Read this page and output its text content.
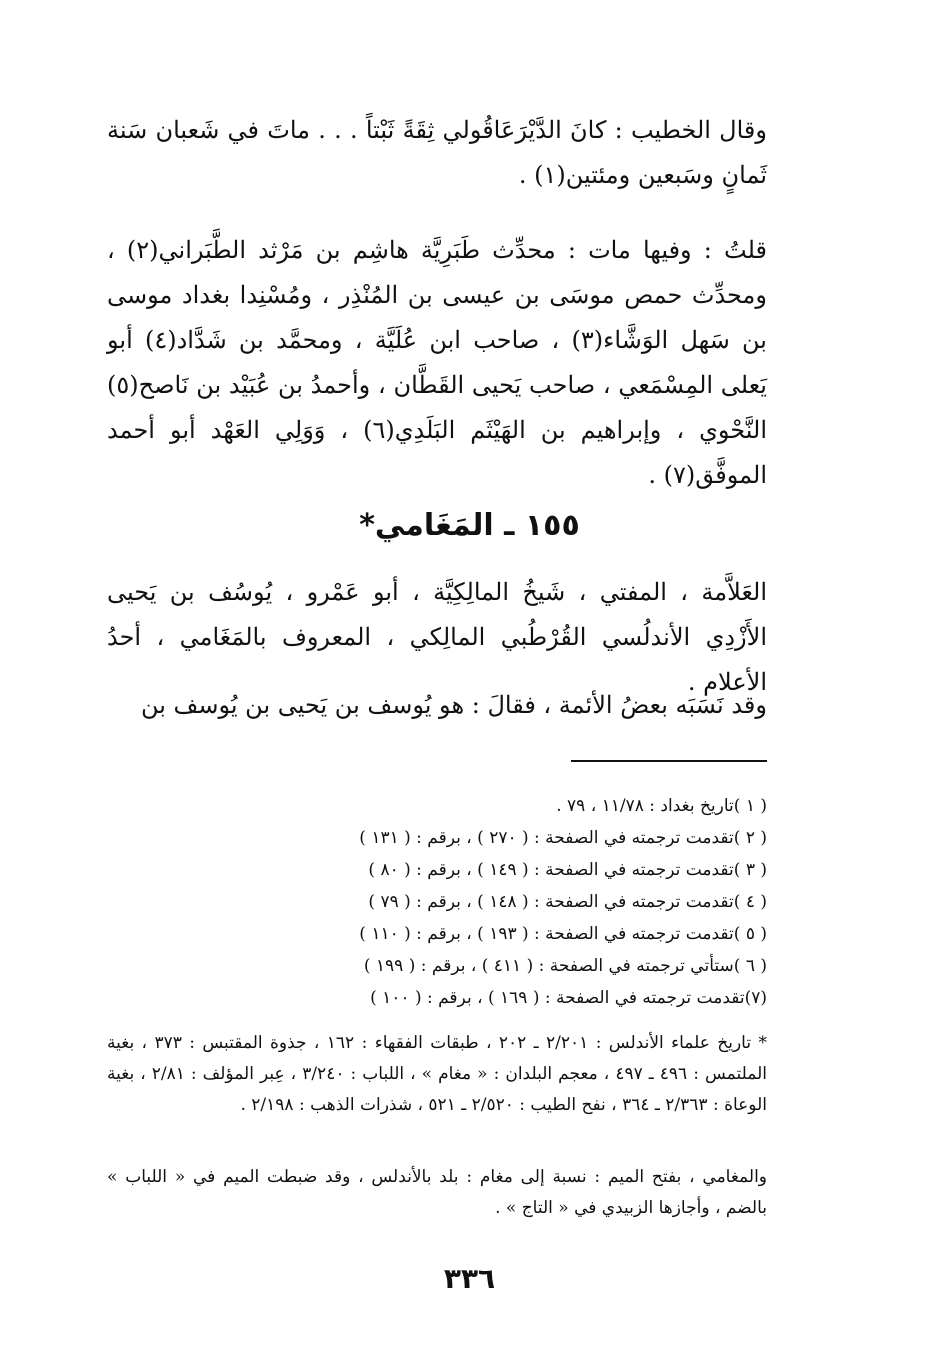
وقال الخطيب : كانَ الدَّيْرَعَاقُولي ثِقَةً ثَبْتاً . . . ماتَ في شَعبان سَنة ثَمانٍ وسَبعين ومئتين(١) .

قلتُ : وفيها مات : محدِّث طَبَرِيَّة هاشِم بن مَرْثد الطَّبَراني(٢) ، ومحدِّث حمص موسَى بن عيسى بن المُنْذِر ، ومُسْنِدا بغداد موسى بن سَهل الوَشَّاء(٣) ، صاحب ابن عُلَيَّة ، ومحمَّد بن شَدَّاد(٤) أبو يَعلى المِسْمَعي ، صاحب يَحيى القَطَّان ، وأحمدُ بن عُبَيْد بن نَاصح(٥) النَّحْوي ، وإبراهيم بن الهَيْثَم البَلَدِي(٦) ، وَوَلِي العَهْد أبو أحمد الموفَّق(٧) .

١٥٥ ـ المَغَامي*

العَلاَّمة ، المفتي ، شَيخُ المالِكِيَّة ، أبو عَمْرو ، يُوسُف بن يَحيى الأَزْدِي الأندلُسي القُرْطُبي المالِكي ، المعروف بالمَغَامي ، أحدُ الأعلام .

وقد نَسَبَه بعضُ الأئمة ، فقالَ : هو يُوسف بن يَحيى بن يُوسف بن

( ١ )تاريخ بغداد : ١١/٧٨ ، ٧٩ .
( ٢ )تقدمت ترجمته في الصفحة : ( ٢٧٠ ) ، برقم : ( ١٣١ )
( ٣ )تقدمت ترجمته في الصفحة : ( ١٤٩ ) ، برقم : ( ٨٠ )
( ٤ )تقدمت ترجمته في الصفحة : ( ١٤٨ ) ، برقم : ( ٧٩ )
( ٥ )تقدمت ترجمته في الصفحة : ( ١٩٣ ) ، برقم : ( ١١٠ )
( ٦ )ستأتي ترجمته في الصفحة : ( ٤١١ ) ، برقم : ( ١٩٩ )
(٧)تقدمت ترجمته في الصفحة : ( ١٦٩ ) ، برقم : ( ١٠٠ )

* تاريخ علماء الأندلس : ٢/٢٠١ ـ ٢٠٢ ، طبقات الفقهاء : ١٦٢ ، جذوة المقتبس : ٣٧٣ ، بغية الملتمس : ٤٩٦ ـ ٤٩٧ ، معجم البلدان : « مغام » ، اللباب : ٣/٢٤٠ ، عِبر المؤلف : ٢/٨١ ، بغية الوعاة : ٢/٣٦٣ ـ ٣٦٤ ، نفح الطيب : ٢/٥٢٠ ـ ٥٢١ ، شذرات الذهب : ٢/١٩٨ .

والمغامي ، بفتح الميم : نسبة إلى مغام : بلد بالأندلس ، وقد ضبطت الميم في « اللباب » بالضم ، وأجازها الزبيدي في « التاج » .

٣٣٦
